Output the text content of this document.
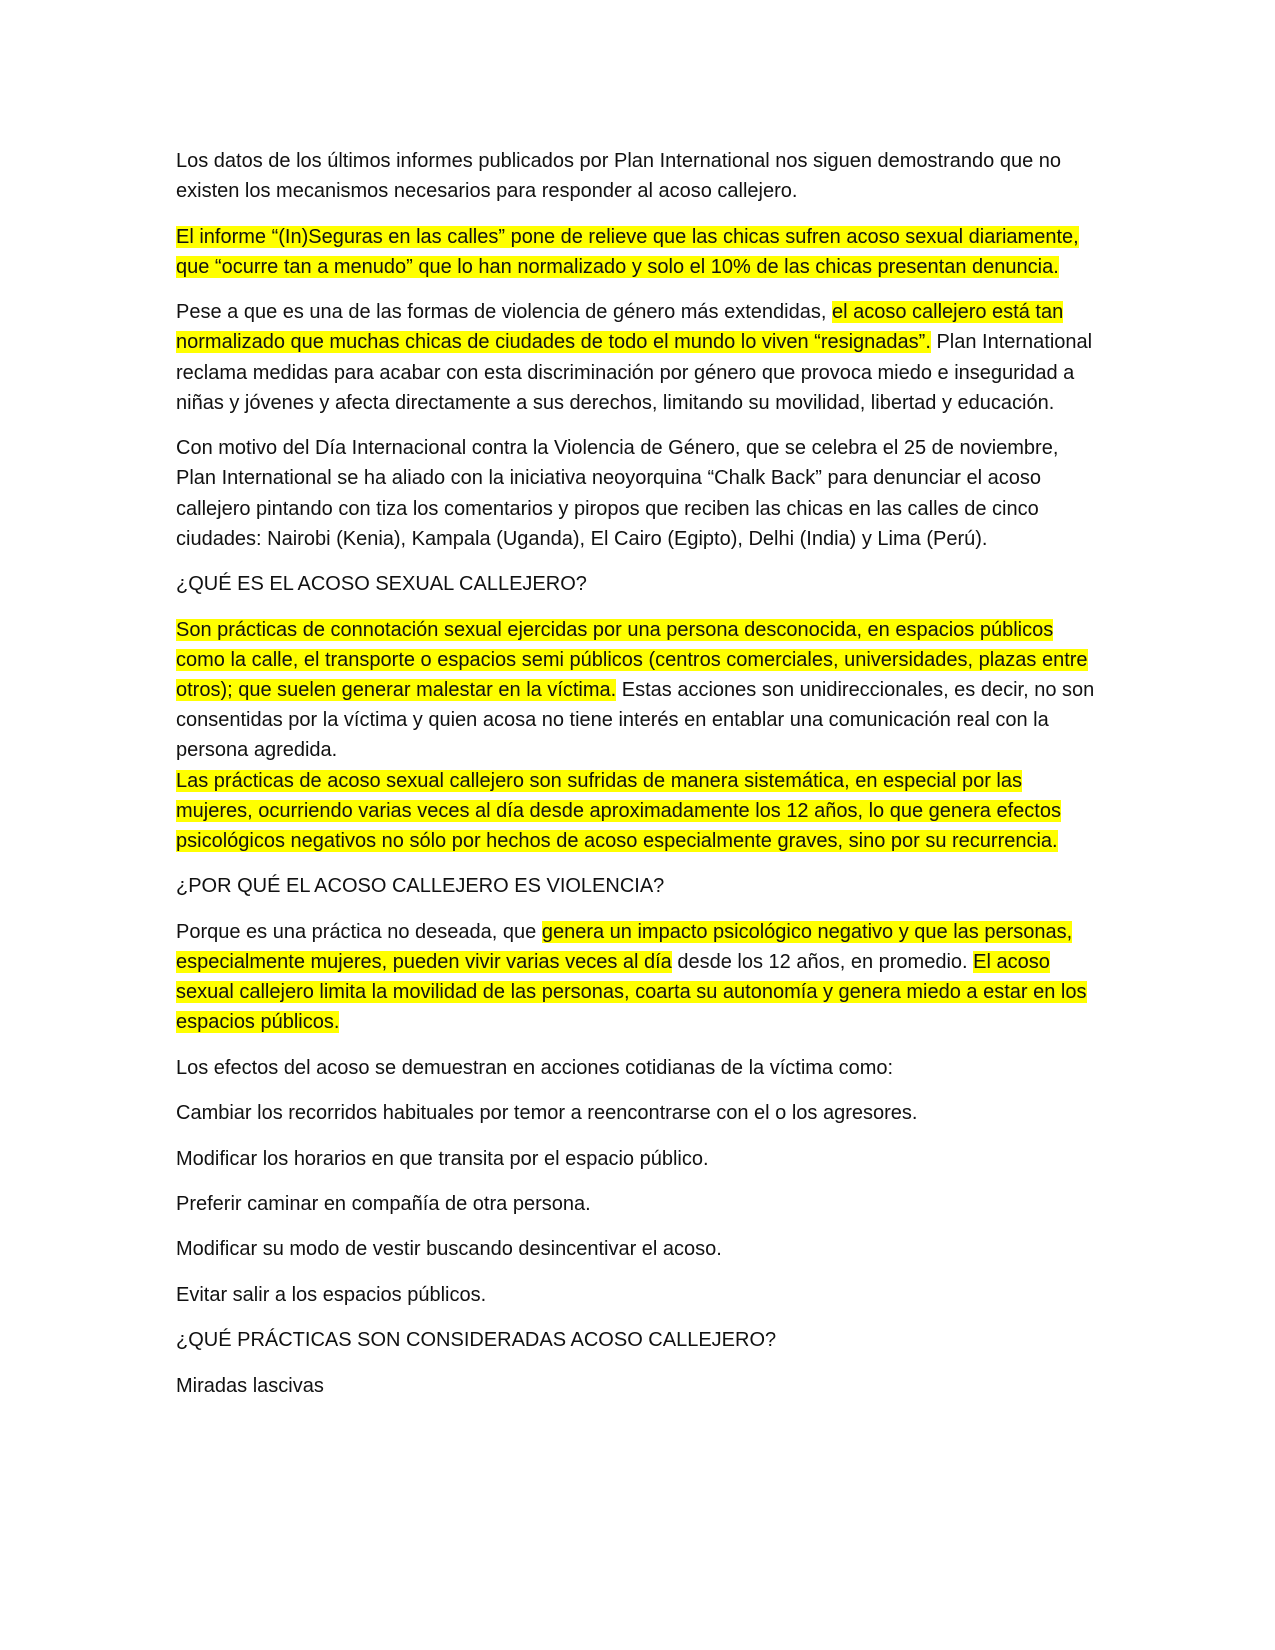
Los datos de los últimos informes publicados por Plan International nos siguen demostrando que no existen los mecanismos necesarios para responder al acoso callejero.

El informe “(In)Seguras en las calles” pone de relieve que las chicas sufren acoso sexual diariamente, que “ocurre tan a menudo” que lo han normalizado y solo el 10% de las chicas presentan denuncia.

Pese a que es una de las formas de violencia de género más extendidas, el acoso callejero está tan normalizado que muchas chicas de ciudades de todo el mundo lo viven “resignadas”. Plan International reclama medidas para acabar con esta discriminación por género que provoca miedo e inseguridad a niñas y jóvenes y afecta directamente a sus derechos, limitando su movilidad, libertad y educación.

Con motivo del Día Internacional contra la Violencia de Género, que se celebra el 25 de noviembre, Plan International se ha aliado con la iniciativa neoyorquina “Chalk Back” para denunciar el acoso callejero pintando con tiza los comentarios y piropos que reciben las chicas en las calles de cinco ciudades: Nairobi (Kenia), Kampala (Uganda), El Cairo (Egipto), Delhi (India) y Lima (Perú).

¿QUÉ ES EL ACOSO SEXUAL CALLEJERO?

Son prácticas de connotación sexual ejercidas por una persona desconocida, en espacios públicos como la calle, el transporte o espacios semi públicos (centros comerciales, universidades, plazas entre otros); que suelen generar malestar en la víctima. Estas acciones son unidireccionales, es decir, no son consentidas por la víctima y quien acosa no tiene interés en entablar una comunicación real con la persona agredida.

Las prácticas de acoso sexual callejero son sufridas de manera sistemática, en especial por las mujeres, ocurriendo varias veces al día desde aproximadamente los 12 años, lo que genera efectos psicológicos negativos no sólo por hechos de acoso especialmente graves, sino por su recurrencia.

¿POR QUÉ EL ACOSO CALLEJERO ES VIOLENCIA?

Porque es una práctica no deseada, que genera un impacto psicológico negativo y que las personas, especialmente mujeres, pueden vivir varias veces al día desde los 12 años, en promedio. El acoso sexual callejero limita la movilidad de las personas, coarta su autonomía y genera miedo a estar en los espacios públicos.

Los efectos del acoso se demuestran en acciones cotidianas de la víctima como:

Cambiar los recorridos habituales por temor a reencontrarse con el o los agresores.

Modificar los horarios en que transita por el espacio público.

Preferir caminar en compañía de otra persona.

Modificar su modo de vestir buscando desincentivar el acoso.

Evitar salir a los espacios públicos.

¿QUÉ PRÁCTICAS SON CONSIDERADAS ACOSO CALLEJERO?

Miradas lascivas
